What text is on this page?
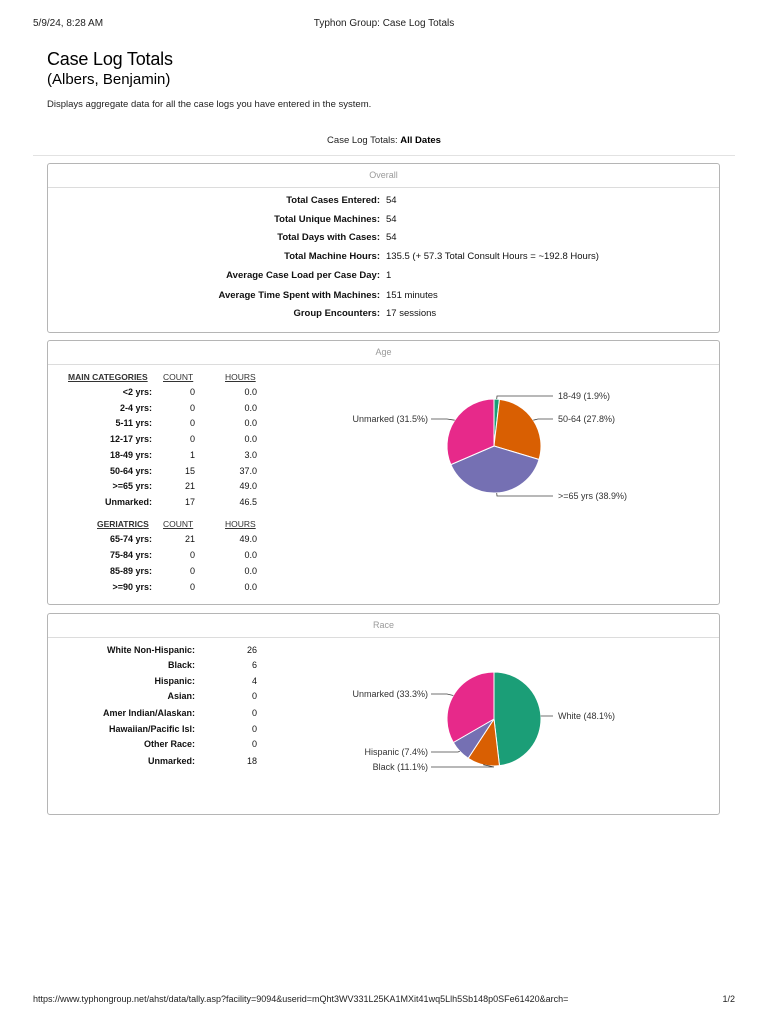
5/9/24, 8:28 AM	Typhon Group: Case Log Totals
Case Log Totals
(Albers, Benjamin)
Displays aggregate data for all the case logs you have entered in the system.
Case Log Totals: All Dates
Overall
Total Cases Entered: 54
Total Unique Machines: 54
Total Days with Cases: 54
Total Machine Hours: 135.5 (+ 57.3 Total Consult Hours = ~192.8 Hours)
Average Case Load per Case Day: 1
Average Time Spent with Machines: 151 minutes
Group Encounters: 17 sessions
Age
MAIN CATEGORIES COUNT	HOURS
<2 yrs:	0	0.0
2-4 yrs:	0	0.0
5-11 yrs:	0	0.0
12-17 yrs:	0	0.0
18-49 yrs:	1	3.0
50-64 yrs:	15	37.0
>=65 yrs:	21	49.0
Unmarked:	17	46.5
GERIATRICS COUNT	HOURS
65-74 yrs:	21	49.0
75-84 yrs:	0	0.0
85-89 yrs:	0	0.0
>=90 yrs:	0	0.0
18-49 (1.9%)
50-64 (27.8%)
>=65 yrs (38.9%)
Unmarked (31.5%)
Race
White Non-Hispanic:	26
Black:	6
Hispanic:	4
Asian:	0
Amer Indian/Alaskan:	0
Hawaiian/Pacific Isl:	0
Other Race:	0
Unmarked:	18
White (48.1%)
Black (11.1%)
Hispanic (7.4%)
Unmarked (33.3%)
https://www.typhongroup.net/ahst/data/tally.asp?facility=9094&userid=mQht3WV331L25KA1MXit41wq5Llh5Sb148p0SFe61420&arch=	1/2
